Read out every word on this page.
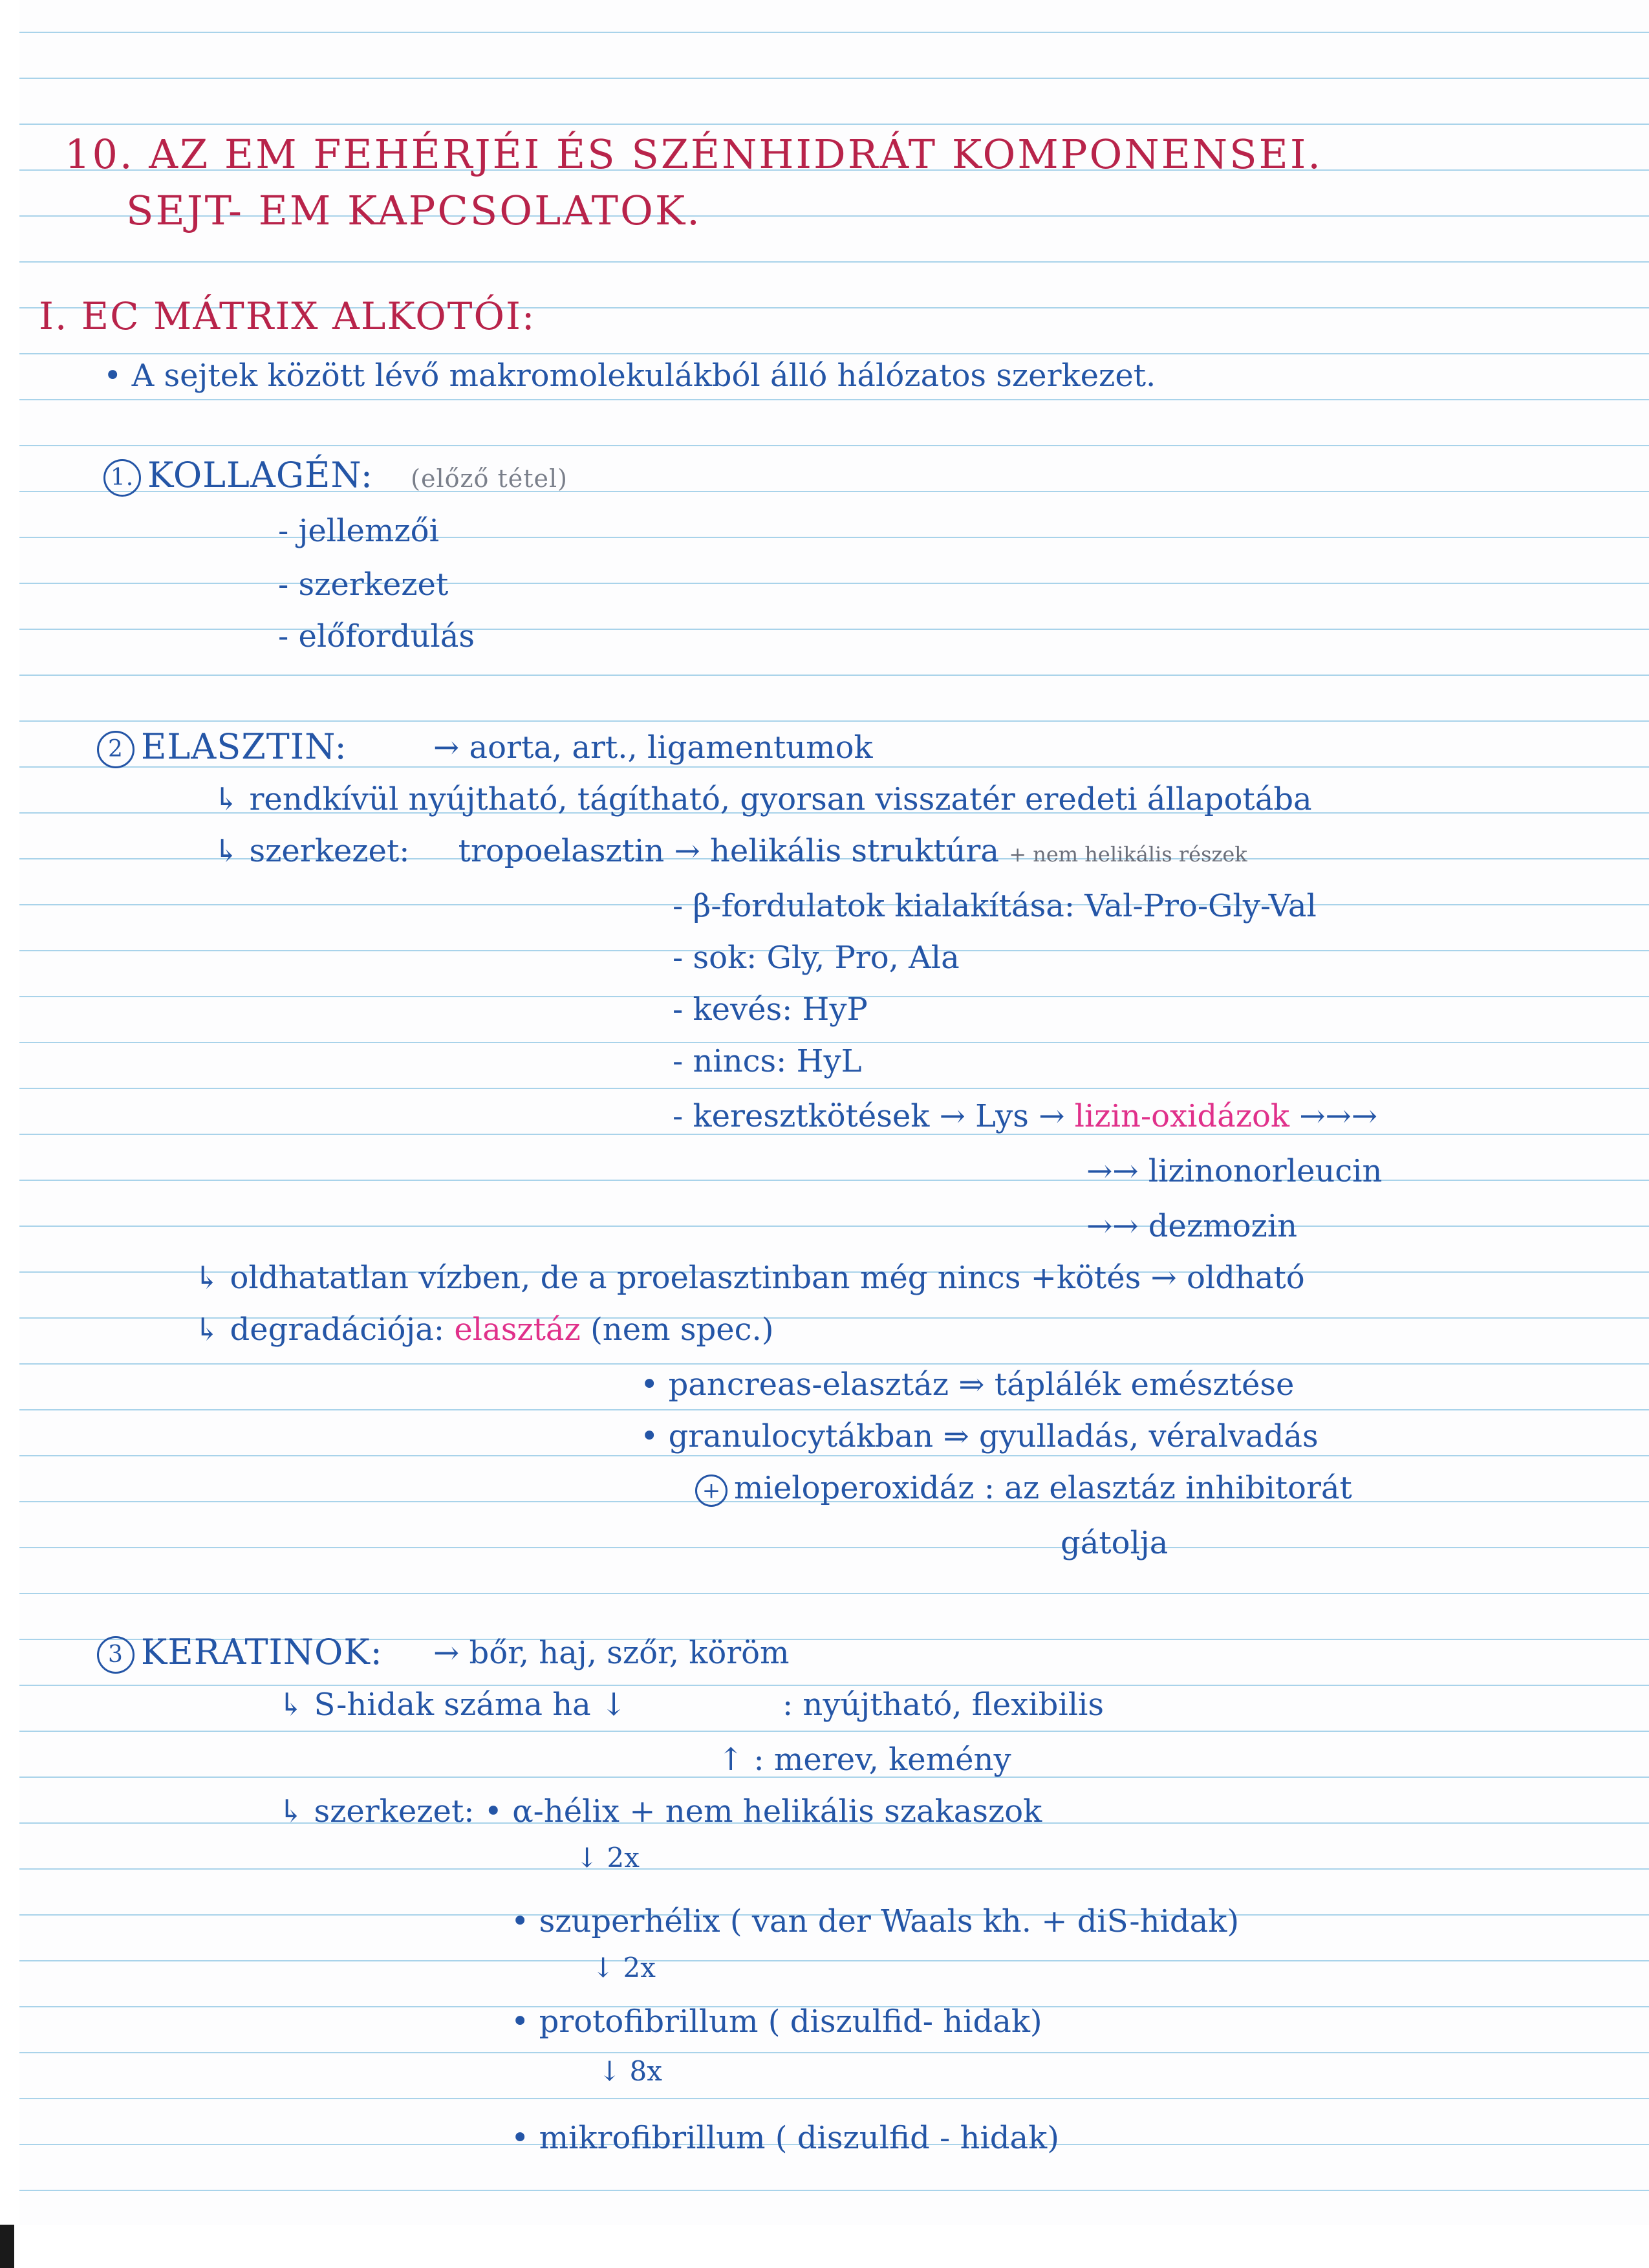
10. AZ EM FEHÉRJÉI ÉS SZÉNHIDRÁT KOMPONENSEI.
SEJT- EM KAPCSOLATOK.
I. EC MÁTRIX ALKOTÓI:
• A sejtek között lévő makromolekulákból álló hálózatos szerkezet.
1. KOLLAGÉN: (előző tétel)
- jellemzői
- szerkezet
- előfordulás
2 ELASZTIN:	→ aorta, art., ligamentumok
↳ rendkívül nyújtható, tágítható, gyorsan visszatér eredeti állapotába
↳ szerkezet: tropoelasztin → helikális struktúra + nem helikális részek
- β-fordulatok kialakítása: Val-Pro-Gly-Val
- sok: Gly, Pro, Ala
- kevés: HyP
- nincs: HyL
- keresztkötések → Lys → lizin-oxidázok →→→
→→ lizinonorleucin
→→ dezmozin
↳ oldhatatlan vízben, de a proelasztinban még nincs +kötés → oldható
↳ degradációja: elasztáz (nem spec.)
• pancreas-elasztáz ⇒ táplálék emésztése
• granulocytákban ⇒ gyulladás, véralvadás
+ mieloperoxidáz : az elasztáz inhibitorát
gátolja
3 KERATINOK: → bőr, haj, szőr, köröm
↳ S-hidak száma ha ↓	: nyújtható, flexibilis
↑ : merev, kemény
↳ szerkezet: • α-hélix + nem helikális szakaszok
↓ 2x
• szuperhélix ( van der Waals kh. + diS-hidak)
↓ 2x
• protofibrillum ( diszulfid- hidak)
↓ 8x
• mikrofibrillum ( diszulfid - hidak)
